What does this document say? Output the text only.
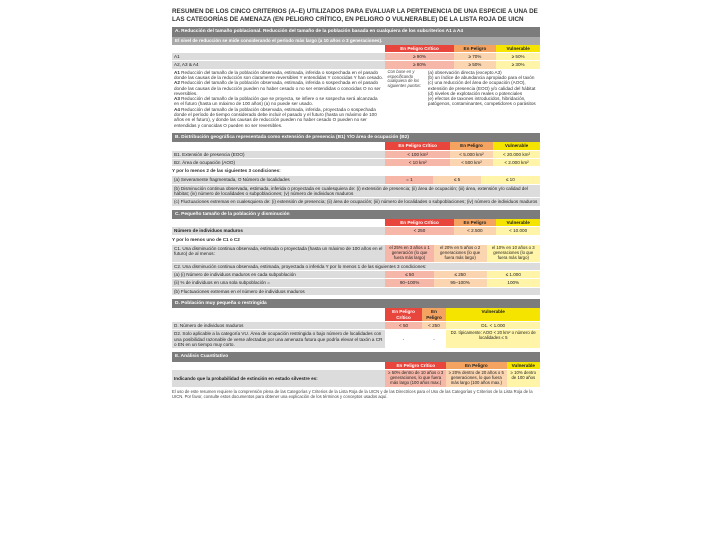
RESUMEN DE LOS CINCO CRITERIOS (A–E) UTILIZADOS PARA EVALUAR LA PERTENENCIA DE UNA ESPECIE A UNA DE LAS CATEGORÍAS DE AMENAZA (EN PELIGRO CRÍTICO, EN PELIGRO O VULNERABLE) DE LA LISTA ROJA DE UICN
A. Reducción del tamaño poblacional. Reducción del tamaño de la población basada en cualquiera de los subcriterios A1 a A4
El nivel de reducción se mide considerando el período más largo (a 10 años o 3 generaciones).
	En Peligro Crítico	En Peligro	Vulnerable
A1	≥ 90%	≥ 70%	≥ 50%
A2, A3 & A4	≥ 80%	≥ 50%	≥ 30%
A1 Reducción del tamaño de la población observada, estimada, inferida o sospechada en el pasado donde las causas de la reducción son claramente reversibles Y entendidas Y conocidas Y han cesado.
A2 Reducción del tamaño de la población observada, estimada, inferida o sospechada en el pasado donde las causas de la reducción pueden no haber cesado o no ser entendidas o conocidas O no ser reversibles.
A3 Reducción del tamaño de la población que se proyecta, se infiere o se sospecha será alcanzada en el futuro (hasta un máximo de 100 años) (a) no puede ser usado.
A4 Reducción del tamaño de la población observada, estimada, inferida, proyectada o sospechada donde el período de tiempo considerado debe incluir el pasado y el futuro (hasta un máximo de 100 años en el futuro), y donde las causas de reducción pueden no haber cesado O pueden no ser entendidas y conocidas O pueden no ser reversibles.
	Con base en y especificando cualquiera de los siguientes puntos:	
(a) observación directa (excepto A3)
(b) un índice de abundancia apropiado para el taxón
(c) una reducción del área de ocupación (AOO), extensión de presencia (EOO) y/o calidad del hábitat
(d) niveles de explotación reales o potenciales
(e) efectos de taxones introducidos, hibridación, patógenos, contaminantes, competidores o parásitos
B. Distribución geográfica representada como extensión de presencia (B1) Y/O área de ocupación (B2)
	En Peligro Crítico	En Peligro	Vulnerable
B1. Extensión de presencia (EOO)	< 100 km²	< 5.000 km²	< 20.000 km²
B2. Área de ocupación (AOO)	< 10 km²	< 500 km²	< 2.000 km²
Y por lo menos 2 de las siguientes 3 condiciones:
(a) Severamente fragmentada, O Número de localidades	= 1	≤ 5	≤ 10
(b) Disminución continua observada, estimada, inferida o proyectada en cualesquiera de: (i) extensión de presencia; (ii) área de ocupación; (iii) área, extensión y/o calidad del hábitat; (iv) número de localidades o subpoblaciones; (v) número de individuos maduros
(c) Fluctuaciones extremas en cualesquiera de: (i) extensión de presencia; (ii) área de ocupación; (iii) número de localidades o subpoblaciones; (iv) número de individuos maduros
C. Pequeño tamaño de la población y disminución
	En Peligro Crítico	En Peligro	Vulnerable
Número de individuos maduros	< 250	< 2.500	< 10.000
Y por lo menos uno de C1 o C2
C1. Una disminución continua observada, estimada o proyectada (hasta un máximo de 100 años en el futuro) de al menos:	el 25% en 3 años o 1 generación (lo que fuera más largo)	el 20% en 5 años o 2 generaciones (lo que fuera más largo)	el 10% en 10 años o 3 generaciones (lo que fuera más largo)
C2. Una disminución continua observada, estimada, proyectada o inferida Y por lo menos 1 de las siguientes 3 condiciones:			
(a) (i) Número de individuos maduros en cada subpoblación	≤ 50	≤ 250	≤ 1.000
(ii) % de individuos en una sola subpoblación =	90–100%	95–100%	100%
(b) Fluctuaciones extremas en el número de individuos maduros			
D. Población muy pequeña o restringida
	En Peligro Crítico	En Peligro	Vulnerable
D. Número de individuos maduros	< 50	< 250	D1. < 1.000
D2. Solo aplicable a la categoría VU. Área de ocupación restringida o bajo número de localidades con una posibilidad razonable de verse afectadas por una amenaza futura que podría elevar el taxón a CR o EN en un tiempo muy corto.	-	-	D2. típicamente: AOO < 20 km² o número de localidades ≤ 5
E. Análisis Cuantitativo
	En Peligro Crítico	En Peligro	Vulnerable
Indicando que la probabilidad de extinción en estado silvestre es:	≥ 50% dentro de 10 años o 3 generaciones, lo que fuera más largo (100 años max.)	≥ 20% dentro de 20 años o 5 generaciones, lo que fuera más largo (100 años max.)	≥ 10% dentro de 100 años
El uso de este resumen requiere la comprensión plena de las Categorías y Criterios de la Lista Roja de la UICN y de las Directrices para el Uso de las Categorías y Criterios de la Lista Roja de la UICN. Por favor, consulte estos documentos para obtener una explicación de los términos y conceptos usados aquí.
